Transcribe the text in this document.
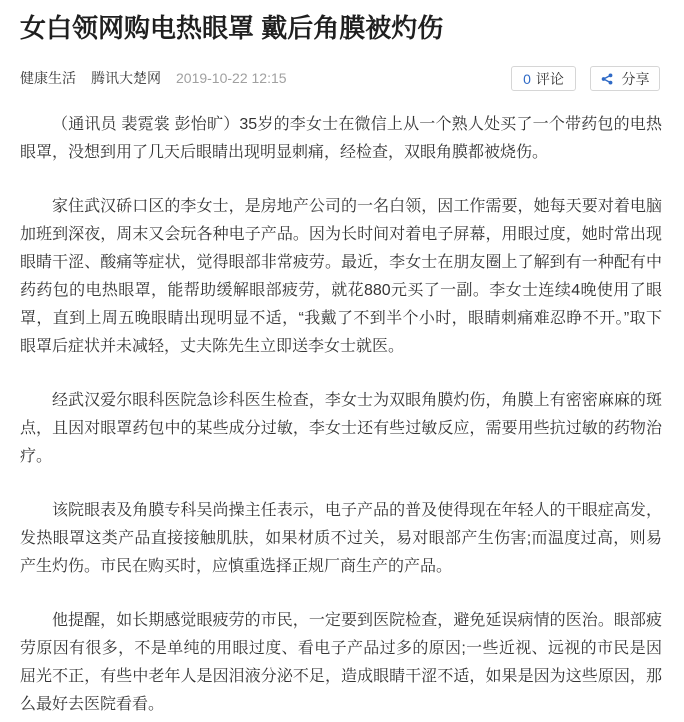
女白领网购电热眼罩 戴后角膜被灼伤
健康生活 腾讯大楚网 2019-10-22 12:15	0 评论	分享

（通讯员 裴霓裳 彭怡旷）35岁的李女士在微信上从一个熟人处买了一个带药包的电热眼罩，没想到用了几天后眼睛出现明显刺痛，经检查，双眼角膜都被烧伤。

家住武汉硚口区的李女士，是房地产公司的一名白领，因工作需要，她每天要对着电脑加班到深夜，周末又会玩各种电子产品。因为长时间对着电子屏幕，用眼过度，她时常出现眼睛干涩、酸痛等症状，觉得眼部非常疲劳。最近，李女士在朋友圈上了解到有一种配有中药药包的电热眼罩，能帮助缓解眼部疲劳，就花880元买了一副。李女士连续4晚使用了眼罩，直到上周五晚眼睛出现明显不适，“我戴了不到半个小时，眼睛刺痛难忍睁不开。”取下眼罩后症状并未减轻，丈夫陈先生立即送李女士就医。

经武汉爱尔眼科医院急诊科医生检查，李女士为双眼角膜灼伤，角膜上有密密麻麻的斑点，且因对眼罩药包中的某些成分过敏，李女士还有些过敏反应，需要用些抗过敏的药物治疗。

该院眼表及角膜专科吴尚操主任表示，电子产品的普及使得现在年轻人的干眼症高发，发热眼罩这类产品直接接触肌肤，如果材质不过关，易对眼部产生伤害;而温度过高，则易产生灼伤。市民在购买时，应慎重选择正规厂商生产的产品。

他提醒，如长期感觉眼疲劳的市民，一定要到医院检查，避免延误病情的医治。眼部疲劳原因有很多，不是单纯的用眼过度、看电子产品过多的原因;一些近视、远视的市民是因屈光不正，有些中老年人是因泪液分泌不足，造成眼睛干涩不适，如果是因为这些原因，那么最好去医院看看。
